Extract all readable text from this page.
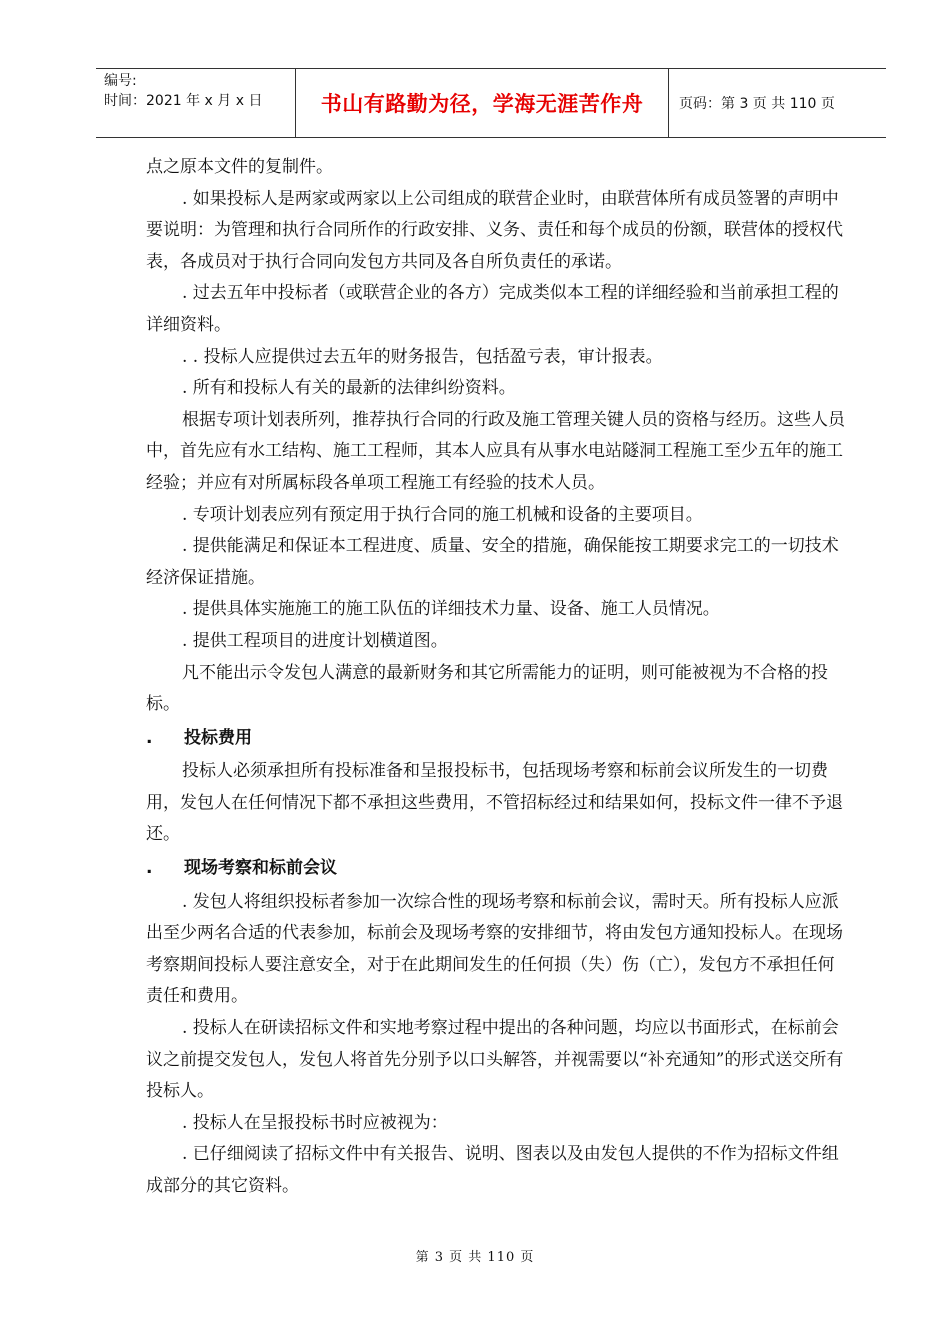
编号:
时间：2021 年 x 月 x 日	书山有路勤为径，学海无涯苦作舟	页码：第 3 页 共 110 页

点之原本文件的复制件。

. 如果投标人是两家或两家以上公司组成的联营企业时，由联营体所有成员签署的声明中要说明：为管理和执行合同所作的行政安排、义务、责任和每个成员的份额，联营体的授权代表，各成员对于执行合同向发包方共同及各自所负责任的承诺。

. 过去五年中投标者（或联营企业的各方）完成类似本工程的详细经验和当前承担工程的详细资料。

. . 投标人应提供过去五年的财务报告，包括盈亏表，审计报表。

. 所有和投标人有关的最新的法律纠纷资料。

根据专项计划表所列，推荐执行合同的行政及施工管理关键人员的资格与经历。这些人员中，首先应有水工结构、施工工程师，其本人应具有从事水电站隧洞工程施工至少五年的施工经验；并应有对所属标段各单项工程施工有经验的技术人员。

. 专项计划表应列有预定用于执行合同的施工机械和设备的主要项目。

. 提供能满足和保证本工程进度、质量、安全的措施，确保能按工期要求完工的一切技术经济保证措施。

. 提供具体实施施工的施工队伍的详细技术力量、设备、施工人员情况。

. 提供工程项目的进度计划横道图。

凡不能出示令发包人满意的最新财务和其它所需能力的证明，则可能被视为不合格的投标。

. 投标费用

投标人必须承担所有投标准备和呈报投标书，包括现场考察和标前会议所发生的一切费用，发包人在任何情况下都不承担这些费用，不管招标经过和结果如何，投标文件一律不予退还。

. 现场考察和标前会议

. 发包人将组织投标者参加一次综合性的现场考察和标前会议，需时天。所有投标人应派出至少两名合适的代表参加，标前会及现场考察的安排细节，将由发包方通知投标人。在现场考察期间投标人要注意安全，对于在此期间发生的任何损（失）伤（亡），发包方不承担任何责任和费用。

. 投标人在研读招标文件和实地考察过程中提出的各种问题，均应以书面形式，在标前会议之前提交发包人，发包人将首先分别予以口头解答，并视需要以“补充通知”的形式送交所有投标人。

. 投标人在呈报投标书时应被视为：

. 已仔细阅读了招标文件中有关报告、说明、图表以及由发包人提供的不作为招标文件组成部分的其它资料。

第 3 页 共 110 页
